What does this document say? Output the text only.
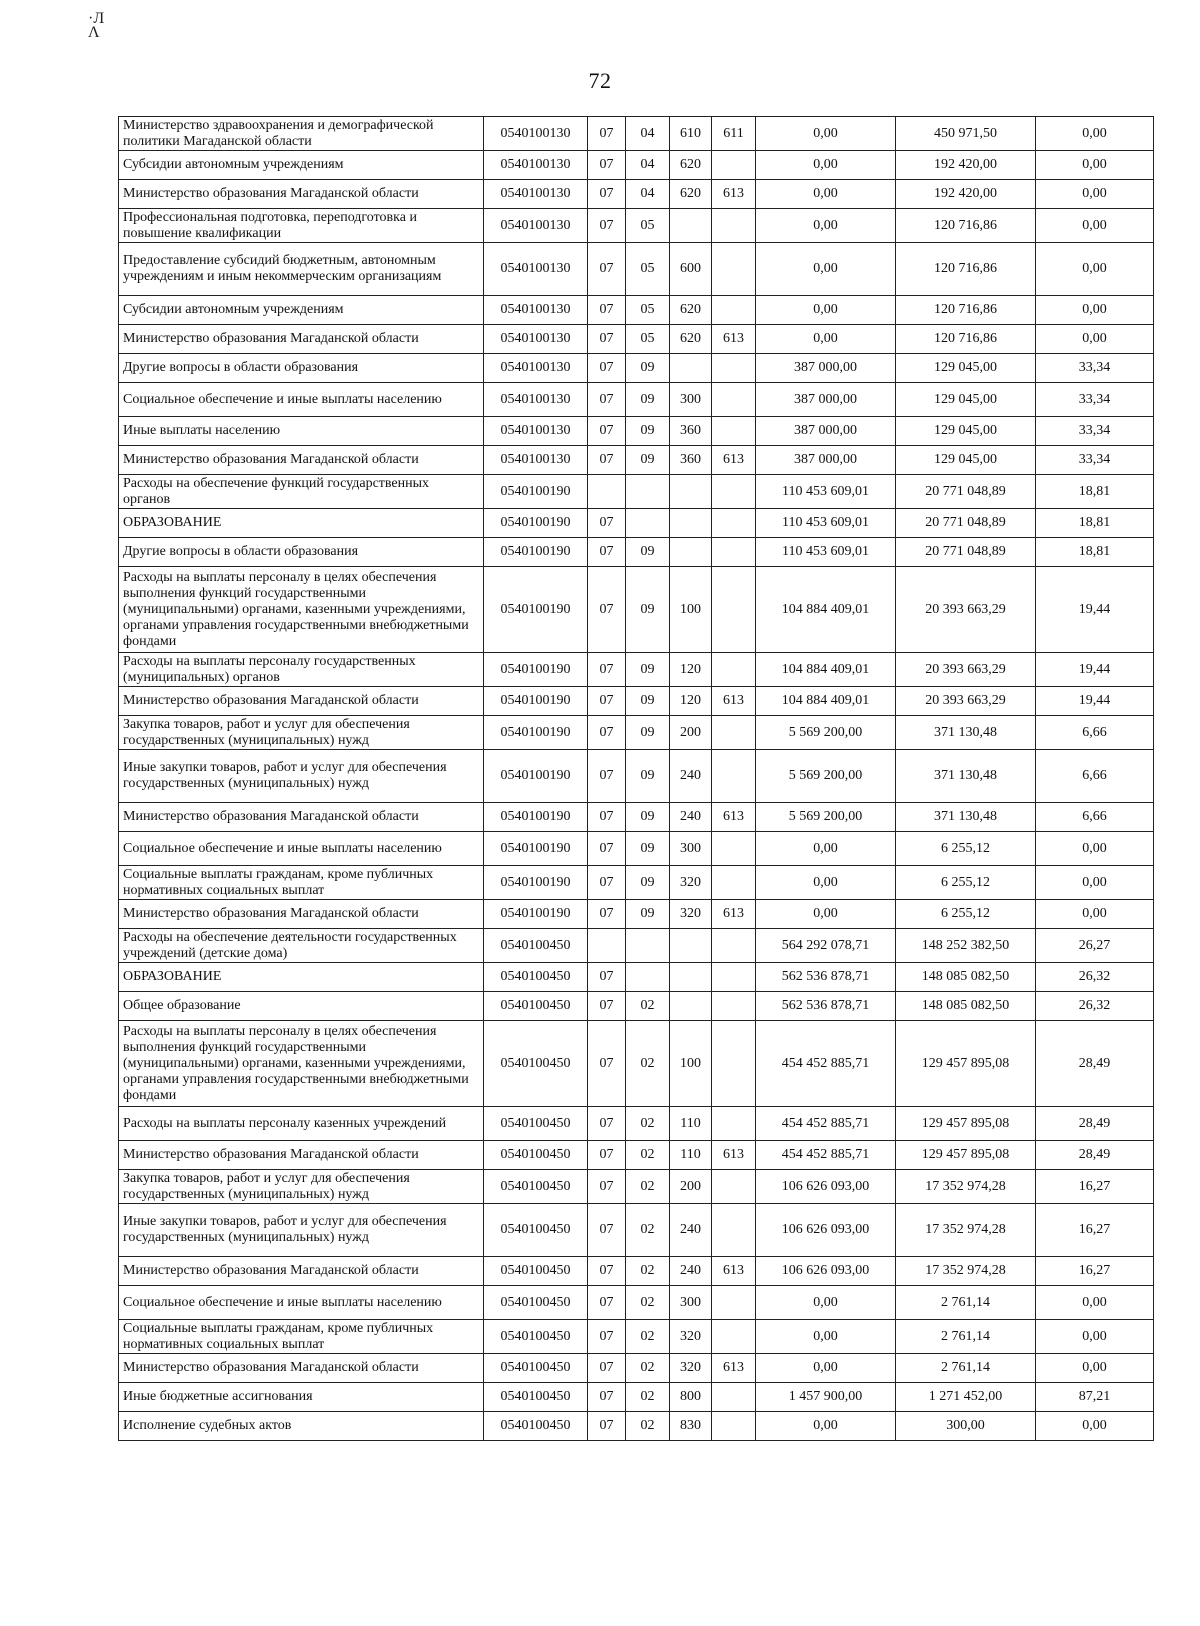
·Л
Λ
72
Министерство здравоохранения и демографической политики Магаданской области	0540100130	07	04	610	611	0,00	450 971,50	0,00
Субсидии автономным учреждениям	0540100130	07	04	620		0,00	192 420,00	0,00
Министерство образования Магаданской области	0540100130	07	04	620	613	0,00	192 420,00	0,00
Профессиональная подготовка, переподготовка и повышение квалификации	0540100130	07	05			0,00	120 716,86	0,00
Предоставление субсидий бюджетным, автономным учреждениям и иным некоммерческим организациям	0540100130	07	05	600		0,00	120 716,86	0,00
Субсидии автономным учреждениям	0540100130	07	05	620		0,00	120 716,86	0,00
Министерство образования Магаданской области	0540100130	07	05	620	613	0,00	120 716,86	0,00
Другие вопросы в области образования	0540100130	07	09			387 000,00	129 045,00	33,34
Социальное обеспечение и иные выплаты населению	0540100130	07	09	300		387 000,00	129 045,00	33,34
Иные выплаты населению	0540100130	07	09	360		387 000,00	129 045,00	33,34
Министерство образования Магаданской области	0540100130	07	09	360	613	387 000,00	129 045,00	33,34
Расходы на обеспечение функций государственных органов	0540100190					110 453 609,01	20 771 048,89	18,81
ОБРАЗОВАНИЕ	0540100190	07				110 453 609,01	20 771 048,89	18,81
Другие вопросы в области образования	0540100190	07	09			110 453 609,01	20 771 048,89	18,81
Расходы на выплаты персоналу в целях обеспечения выполнения функций государственными (муниципальными) органами, казенными учреждениями, органами управления государственными внебюджетными фондами	0540100190	07	09	100		104 884 409,01	20 393 663,29	19,44
Расходы на выплаты персоналу государственных (муниципальных) органов	0540100190	07	09	120		104 884 409,01	20 393 663,29	19,44
Министерство образования Магаданской области	0540100190	07	09	120	613	104 884 409,01	20 393 663,29	19,44
Закупка товаров, работ и услуг для обеспечения государственных (муниципальных) нужд	0540100190	07	09	200		5 569 200,00	371 130,48	6,66
Иные закупки товаров, работ и услуг для обеспечения государственных (муниципальных) нужд	0540100190	07	09	240		5 569 200,00	371 130,48	6,66
Министерство образования Магаданской области	0540100190	07	09	240	613	5 569 200,00	371 130,48	6,66
Социальное обеспечение и иные выплаты населению	0540100190	07	09	300		0,00	6 255,12	0,00
Социальные выплаты гражданам, кроме публичных нормативных социальных выплат	0540100190	07	09	320		0,00	6 255,12	0,00
Министерство образования Магаданской области	0540100190	07	09	320	613	0,00	6 255,12	0,00
Расходы на обеспечение деятельности государственных учреждений (детские дома)	0540100450					564 292 078,71	148 252 382,50	26,27
ОБРАЗОВАНИЕ	0540100450	07				562 536 878,71	148 085 082,50	26,32
Общее образование	0540100450	07	02			562 536 878,71	148 085 082,50	26,32
Расходы на выплаты персоналу в целях обеспечения выполнения функций государственными (муниципальными) органами, казенными учреждениями, органами управления государственными внебюджетными фондами	0540100450	07	02	100		454 452 885,71	129 457 895,08	28,49
Расходы на выплаты персоналу казенных учреждений	0540100450	07	02	110		454 452 885,71	129 457 895,08	28,49
Министерство образования Магаданской области	0540100450	07	02	110	613	454 452 885,71	129 457 895,08	28,49
Закупка товаров, работ и услуг для обеспечения государственных (муниципальных) нужд	0540100450	07	02	200		106 626 093,00	17 352 974,28	16,27
Иные закупки товаров, работ и услуг для обеспечения государственных (муниципальных) нужд	0540100450	07	02	240		106 626 093,00	17 352 974,28	16,27
Министерство образования Магаданской области	0540100450	07	02	240	613	106 626 093,00	17 352 974,28	16,27
Социальное обеспечение и иные выплаты населению	0540100450	07	02	300		0,00	2 761,14	0,00
Социальные выплаты гражданам, кроме публичных нормативных социальных выплат	0540100450	07	02	320		0,00	2 761,14	0,00
Министерство образования Магаданской области	0540100450	07	02	320	613	0,00	2 761,14	0,00
Иные бюджетные ассигнования	0540100450	07	02	800		1 457 900,00	1 271 452,00	87,21
Исполнение судебных актов	0540100450	07	02	830		0,00	300,00	0,00
